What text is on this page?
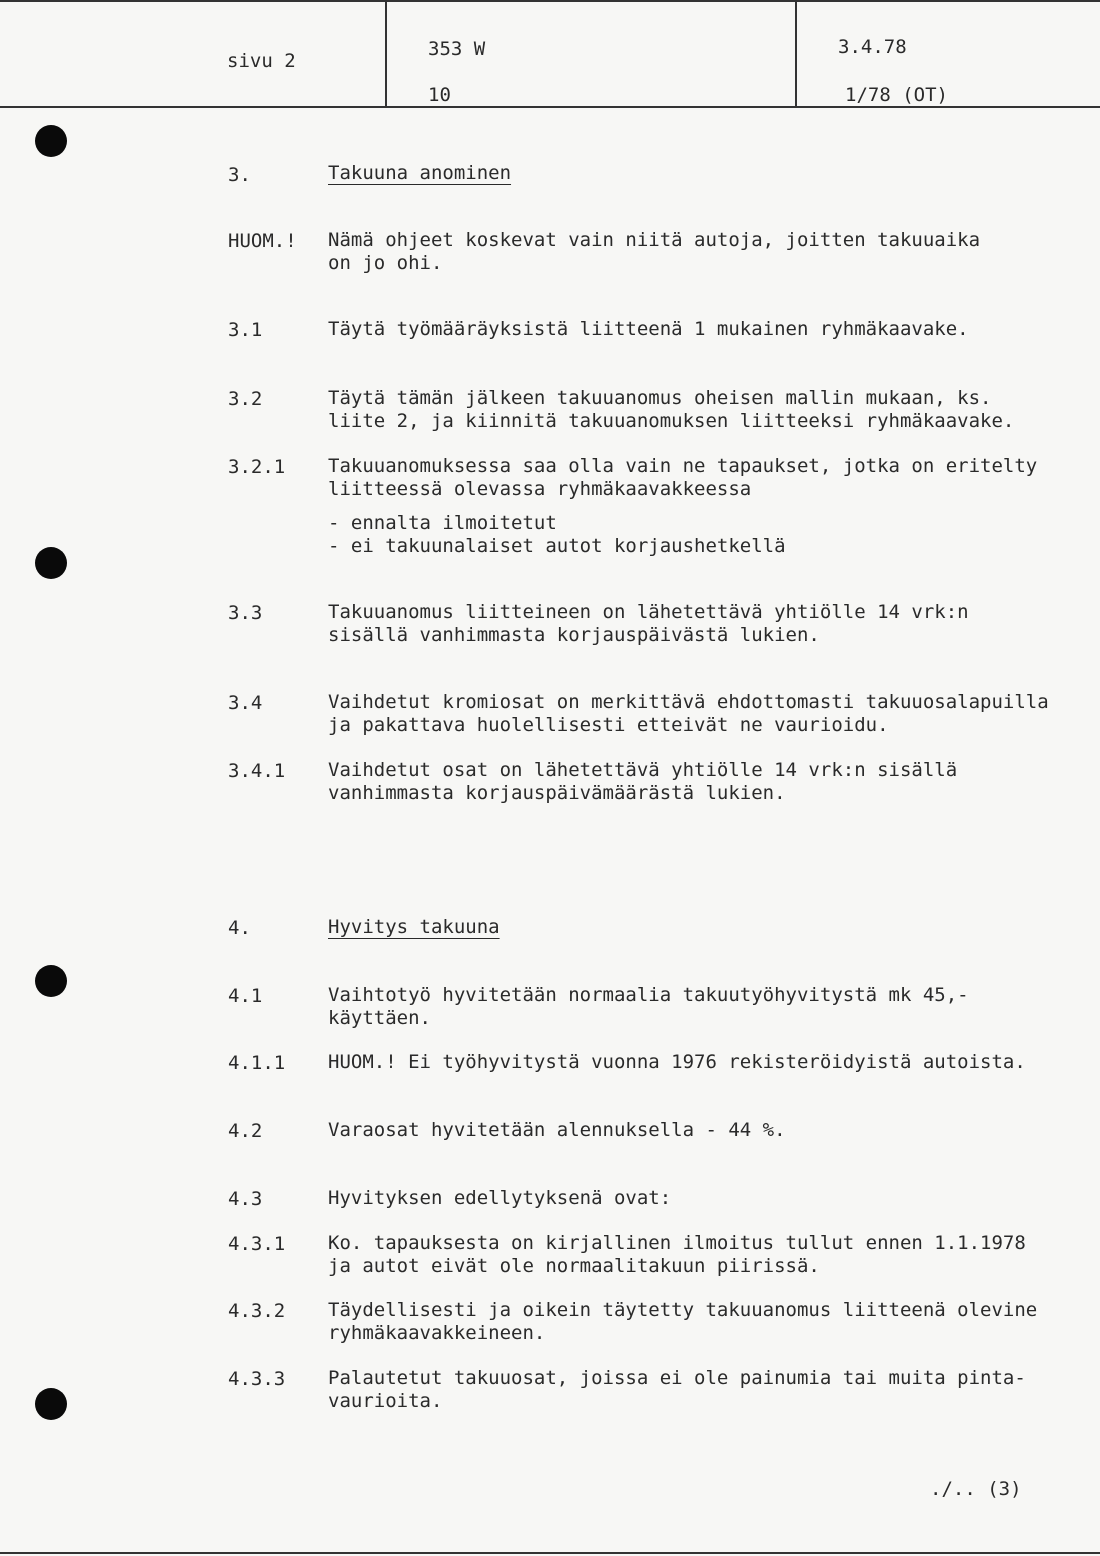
sivu 2
353 W
10
3.4.78
1/78 (OT)
3.	Takuuna anominen
HUOM.! Nämä ohjeet koskevat vain niitä autoja, joitten takuuaika
on jo ohi.
3.1	Täytä työmääräyksistä liitteenä 1 mukainen ryhmäkaavake.
3.2	Täytä tämän jälkeen takuuanomus oheisen mallin mukaan, ks.
liite 2, ja kiinnitä takuuanomuksen liitteeksi ryhmäkaavake.
3.2.1 Takuuanomuksessa saa olla vain ne tapaukset, jotka on eritelty
liitteessä olevassa ryhmäkaavakkeessa
- ennalta ilmoitetut
- ei takuunalaiset autot korjaushetkellä
3.3	Takuuanomus liitteineen on lähetettävä yhtiölle 14 vrk:n
sisällä vanhimmasta korjauspäivästä lukien.
3.4	Vaihdetut kromiosat on merkittävä ehdottomasti takuuosalapuilla
ja pakattava huolellisesti etteivät ne vaurioidu.
3.4.1 Vaihdetut osat on lähetettävä yhtiölle 14 vrk:n sisällä
vanhimmasta korjauspäivämäärästä lukien.
4.	Hyvitys takuuna
4.1	Vaihtotyö hyvitetään normaalia takuutyöhyvitystä mk 45,-
käyttäen.
4.1.1 HUOM.! Ei työhyvitystä vuonna 1976 rekisteröidyistä autoista.
4.2	Varaosat hyvitetään alennuksella - 44 %.
4.3	Hyvityksen edellytyksenä ovat:
4.3.1 Ko. tapauksesta on kirjallinen ilmoitus tullut ennen 1.1.1978
ja autot eivät ole normaalitakuun piirissä.
4.3.2 Täydellisesti ja oikein täytetty takuuanomus liitteenä olevine
ryhmäkaavakkeineen.
4.3.3 Palautetut takuuosat, joissa ei ole painumia tai muita pinta-
vaurioita.
./.. (3)
